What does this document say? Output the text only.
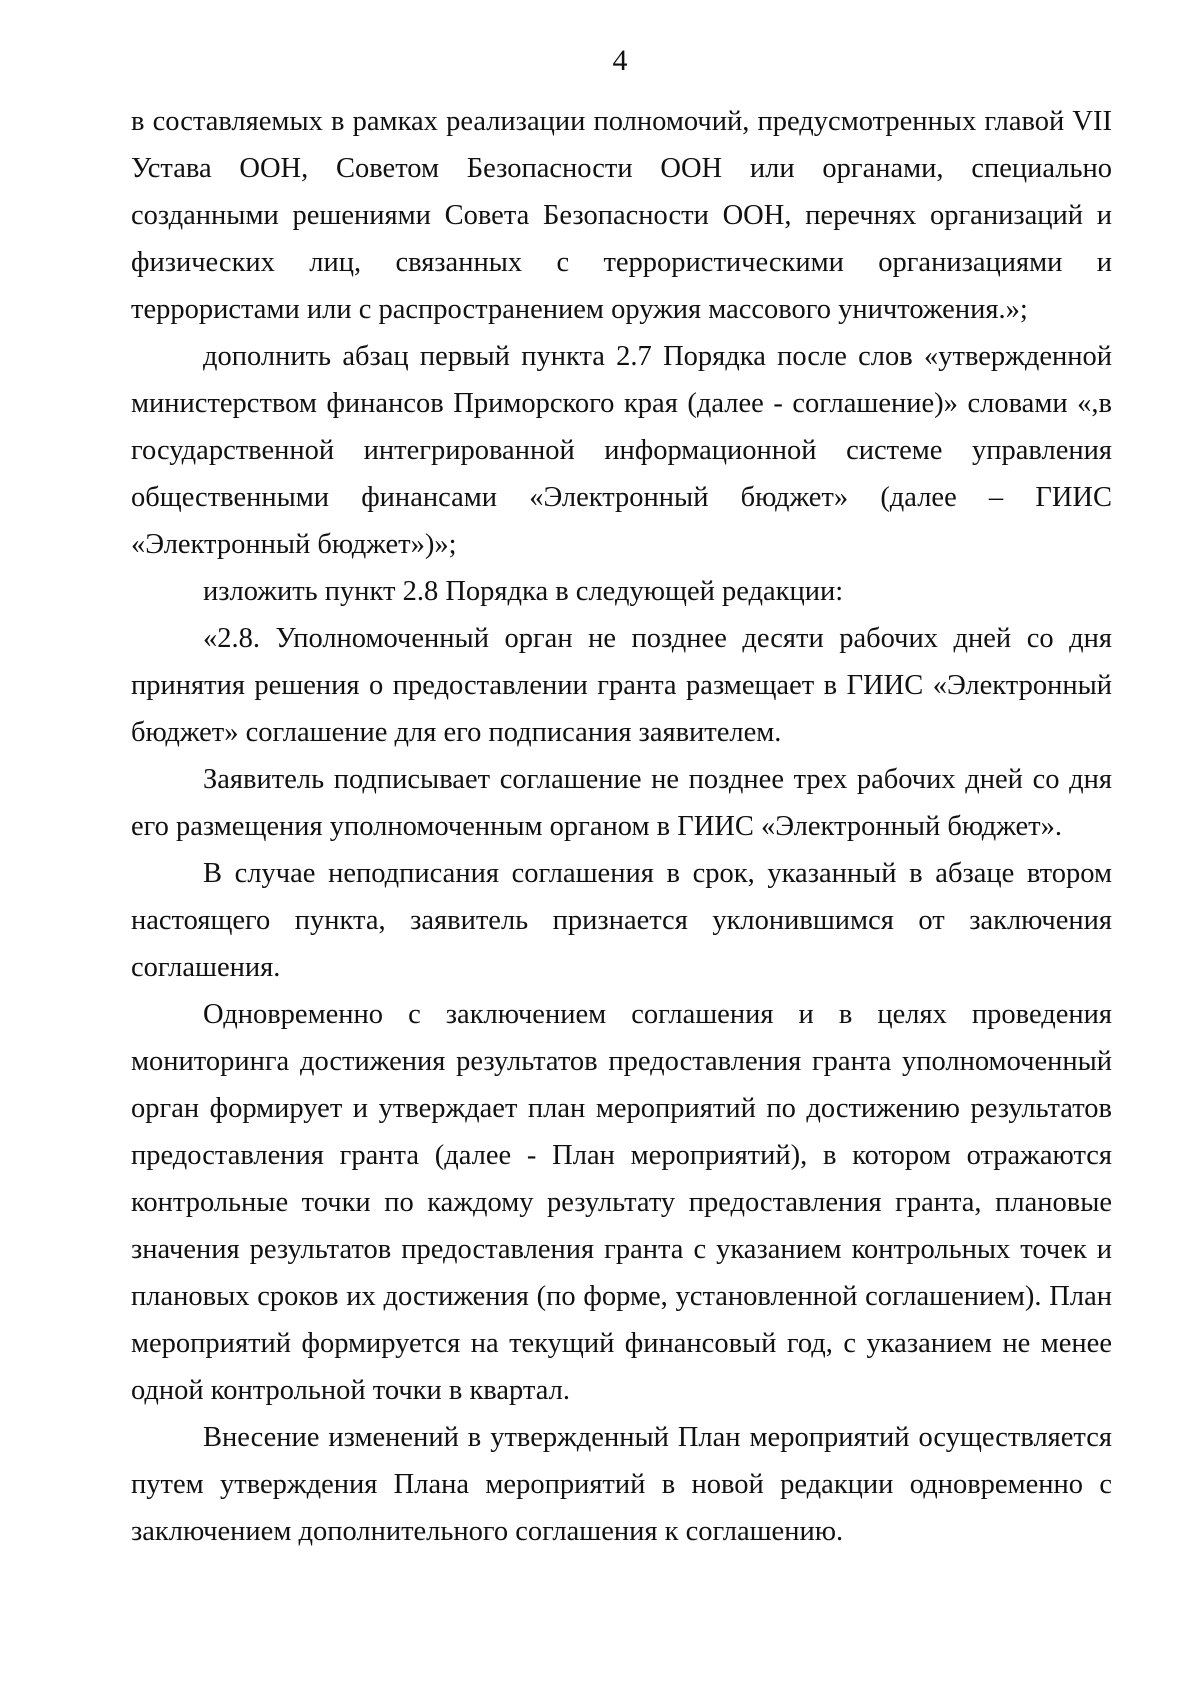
4

в составляемых в рамках реализации полномочий, предусмотренных главой VII Устава ООН, Советом Безопасности ООН или органами, специально созданными решениями Совета Безопасности ООН, перечнях организаций и физических лиц, связанных с террористическими организациями и террористами или с распространением оружия массового уничтожения.»;

дополнить абзац первый пункта 2.7 Порядка после слов «утвержденной министерством финансов Приморского края (далее - соглашение)» словами «,в государственной интегрированной информационной системе управления общественными финансами «Электронный бюджет» (далее – ГИИС «Электронный бюджет»)»;

изложить пункт 2.8 Порядка в следующей редакции:

«2.8. Уполномоченный орган не позднее десяти рабочих дней со дня принятия решения о предоставлении гранта размещает в ГИИС «Электронный бюджет» соглашение для его подписания заявителем.

Заявитель подписывает соглашение не позднее трех рабочих дней со дня его размещения уполномоченным органом в ГИИС «Электронный бюджет».

В случае неподписания соглашения в срок, указанный в абзаце втором настоящего пункта, заявитель признается уклонившимся от заключения соглашения.

Одновременно с заключением соглашения и в целях проведения мониторинга достижения результатов предоставления гранта уполномоченный орган формирует и утверждает план мероприятий по достижению результатов предоставления гранта (далее - План мероприятий), в котором отражаются контрольные точки по каждому результату предоставления гранта, плановые значения результатов предоставления гранта с указанием контрольных точек и плановых сроков их достижения (по форме, установленной соглашением). План мероприятий формируется на текущий финансовый год, с указанием не менее одной контрольной точки в квартал.

Внесение изменений в утвержденный План мероприятий осуществляется путем утверждения Плана мероприятий в новой редакции одновременно с заключением дополнительного соглашения к соглашению.
